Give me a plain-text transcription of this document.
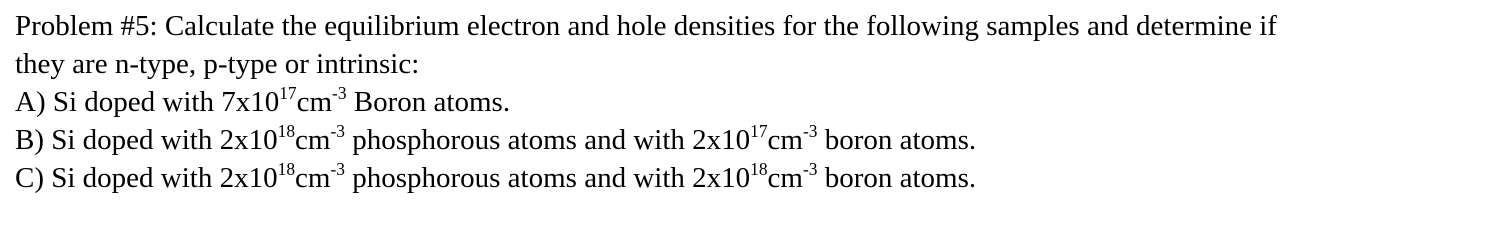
Problem #5: Calculate the equilibrium electron and hole densities for the following samples and determine if
they are n-type, p-type or intrinsic:
A) Si doped with $7x10^{17}cm^{-3}$ Boron atoms.
B) Si doped with $2x10^{18}cm^{-3}$ phosphorous atoms and with $2x10^{17}cm^{-3}$ boron atoms.
C) Si doped with $2x10^{18}cm^{-3}$ phosphorous atoms and with $2x10^{18}cm^{-3}$ boron atoms.
